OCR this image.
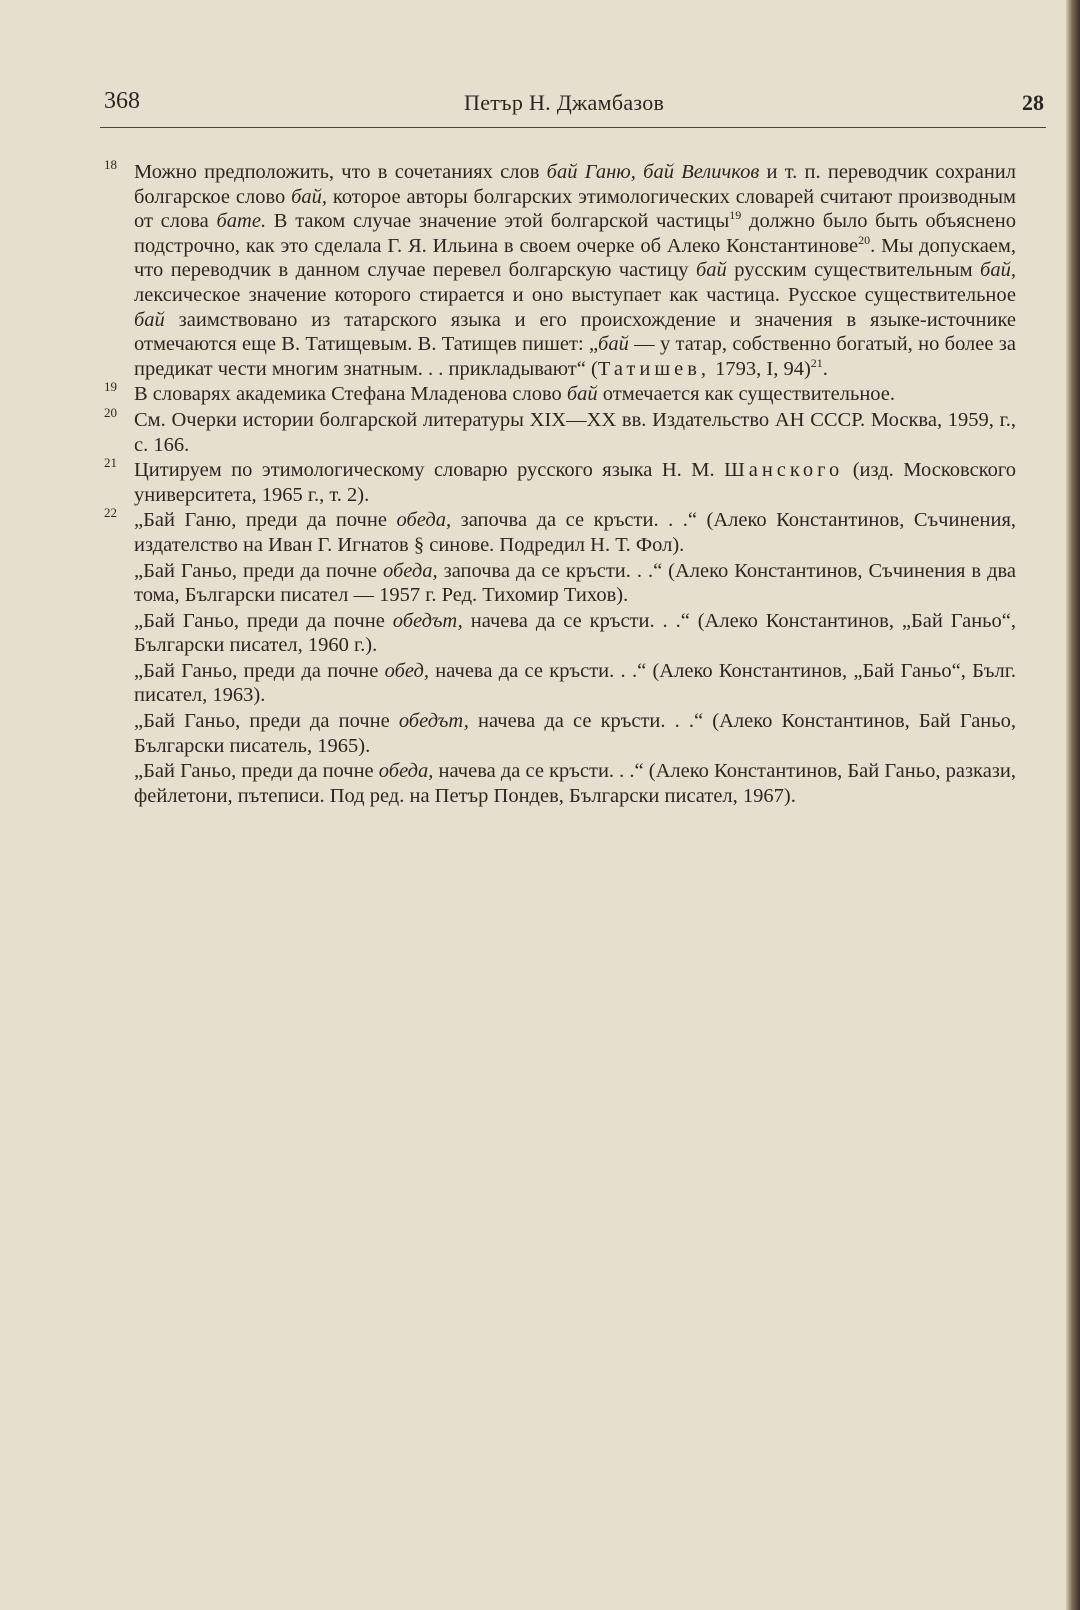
368	Петър Н. Джамбазов	28
18 Можно предположить, что в сочетаниях слов бай Ганю, бай Величков и т. п. переводчик сохранил болгарское слово бай, которое авторы болгарских этимологических словарей считают производным от слова бате. В таком случае значение этой болгарской частицы$^{19}$ должно было быть объяснено подстрочно, как это сделала Г. Я. Ильина в своем очерке об Алеко Константинове$^{20}$. Мы допускаем, что переводчик в данном случае перевел болгарскую частицу бай русским существительным бай, лексическое значение которого стирается и оно выступает как частица. Русское существительное бай заимствовано из татарского языка и его происхождение и значения в языке-источнике отмечаются еще В. Татищевым. В. Татищев пишет: „бай — у татар, собственно богатый, но более за предикат чести многим знатным. . . прикладывают“ (Татишев, 1793, I, 94)$^{21}$.
19 В словарях академика Стефана Младенова слово бай отмечается как существительное.
20 См. Очерки истории болгарской литературы XIX—XX вв. Издательство АН СССР. Москва, 1959, г., с. 166.
21 Цитируем по этимологическому словарю русского языка Н. М. Шанского (изд. Московского университета, 1965 г., т. 2).
22 „Бай Ганю, преди да почне обеда, започва да се кръсти. . .“ (Алеко Константинов, Съчинения, издателство на Иван Г. Игнатов § синове. Подредил Н. Т. Фол).
„Бай Ганьо, преди да почне обеда, започва да се кръсти. . .“ (Алеко Константинов, Съчинения в два тома, Български писател — 1957 г. Ред. Тихомир Тихов).
„Бай Ганьо, преди да почне обедът, начева да се кръсти. . .“ (Алеко Константинов, „Бай Ганьо“, Български писател, 1960 г.).
„Бай Ганьо, преди да почне обед, начева да се кръсти. . .“ (Алеко Константинов, „Бай Ганьо“, Бълг. писател, 1963).
„Бай Ганьо, преди да почне обедът, начева да се кръсти. . .“ (Алеко Константинов, Бай Ганьо, Български писатель, 1965).
„Бай Ганьо, преди да почне обеда, начева да се кръсти. . .“ (Алеко Константинов, Бай Ганьо, разкази, фейлетони, пътеписи. Под ред. на Петър Пондев, Български писател, 1967).
